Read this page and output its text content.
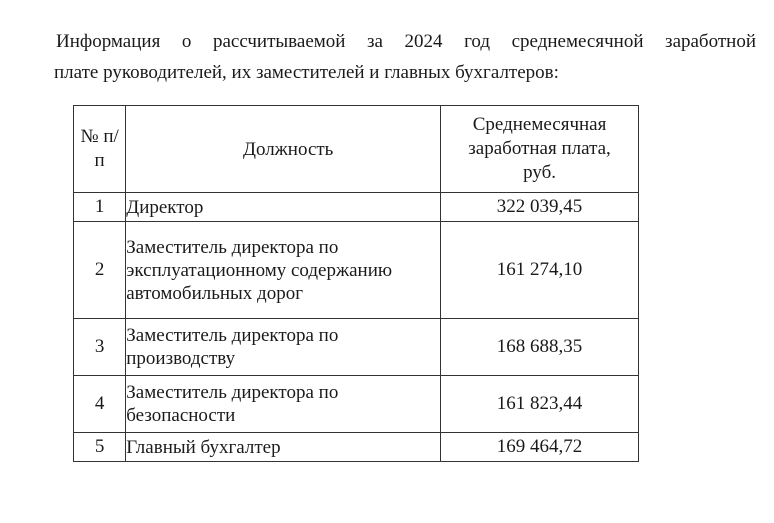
Информация о рассчитываемой за 2024 год среднемесячной заработной
плате руководителей, их заместителей и главных бухгалтеров:
№ п/п	Должность	Среднемесячная заработная плата, руб.
1	Директор	322 039,45
2	Заместитель директора по эксплуатационному содержанию автомобильных дорог	161 274,10
3	Заместитель директора по производству	168 688,35
4	Заместитель директора по безопасности	161 823,44
5	Главный бухгалтер	169 464,72
